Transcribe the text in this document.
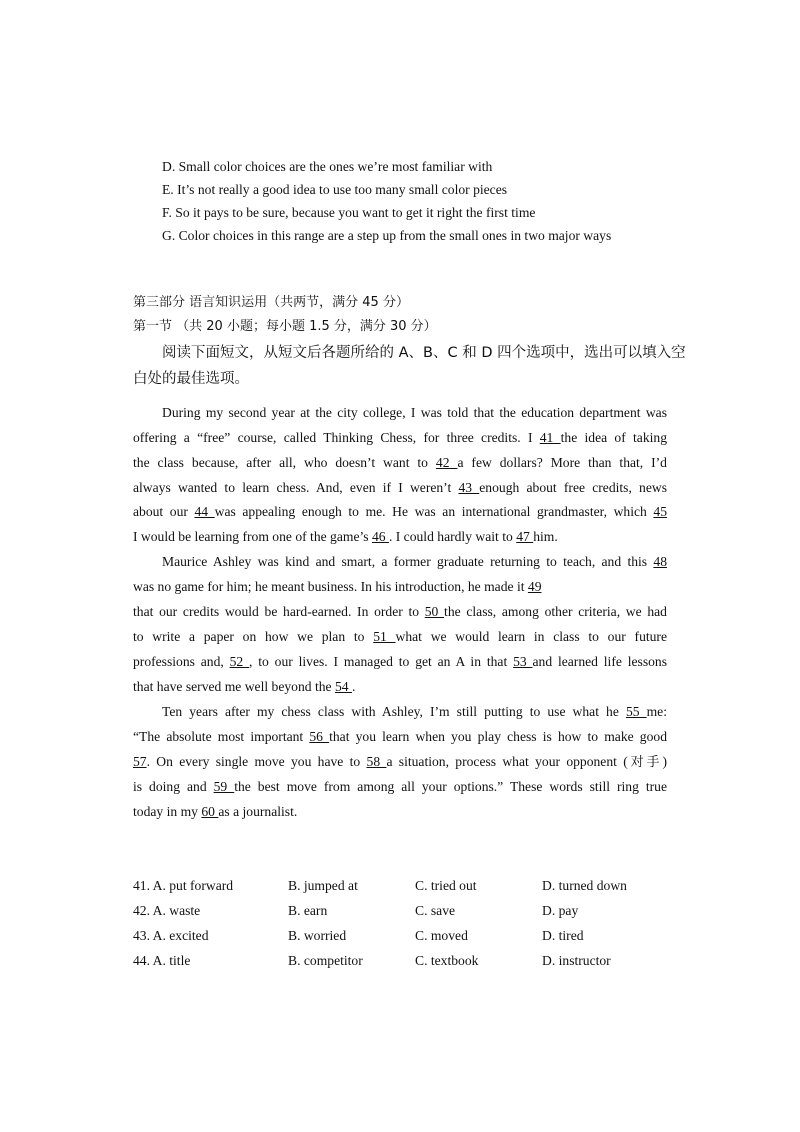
D. Small color choices are the ones we’re most familiar with
E. It’s not really a good idea to use too many small color pieces
F. So it pays to be sure, because you want to get it right the first time
G. Color choices in this range are a step up from the small ones in two major ways
第三部分 语言知识运用（共两节，满分 45 分）
第一节 （共 20 小题；每小题 1.5 分，满分 30 分）
阅读下面短文，从短文后各题所给的 A、B、C 和 D 四个选项中，选出可以填入空
白处的最佳选项。
During my second year at the city college, I was told that the education department was
offering a “free” course, called Thinking Chess, for three credits. I 41 the idea of taking
the class because, after all, who doesn’t want to 42 a few dollars? More than that, I’d
always wanted to learn chess. And, even if I weren’t 43 enough about free credits, news
about our 44 was appealing enough to me. He was an international grandmaster, which 45
I would be learning from one of the game’s 46 . I could hardly wait to 47 him.
Maurice Ashley was kind and smart, a former graduate returning to teach, and this 48
was no game for him; he meant business. In his introduction, he made it 49
that our credits would be hard-earned. In order to 50 the class, among other criteria, we had
to write a paper on how we plan to 51 what we would learn in class to our future
professions and, 52 , to our lives. I managed to get an A in that 53 and learned life lessons
that have served me well beyond the 54 .
Ten years after my chess class with Ashley, I’m still putting to use what he 55 me:
“The absolute most important 56 that you learn when you play chess is how to make good
57. On every single move you have to 58 a situation, process what your opponent (对手)
is doing and 59 the best move from among all your options.” These words still ring true
today in my 60 as a journalist.
41. A. put forward	B. jumped at	C. tried out	D. turned down
42. A. waste	B. earn	C. save	D. pay
43. A. excited	B. worried	C. moved	D. tired
44. A. title	B. competitor	C. textbook	D. instructor
